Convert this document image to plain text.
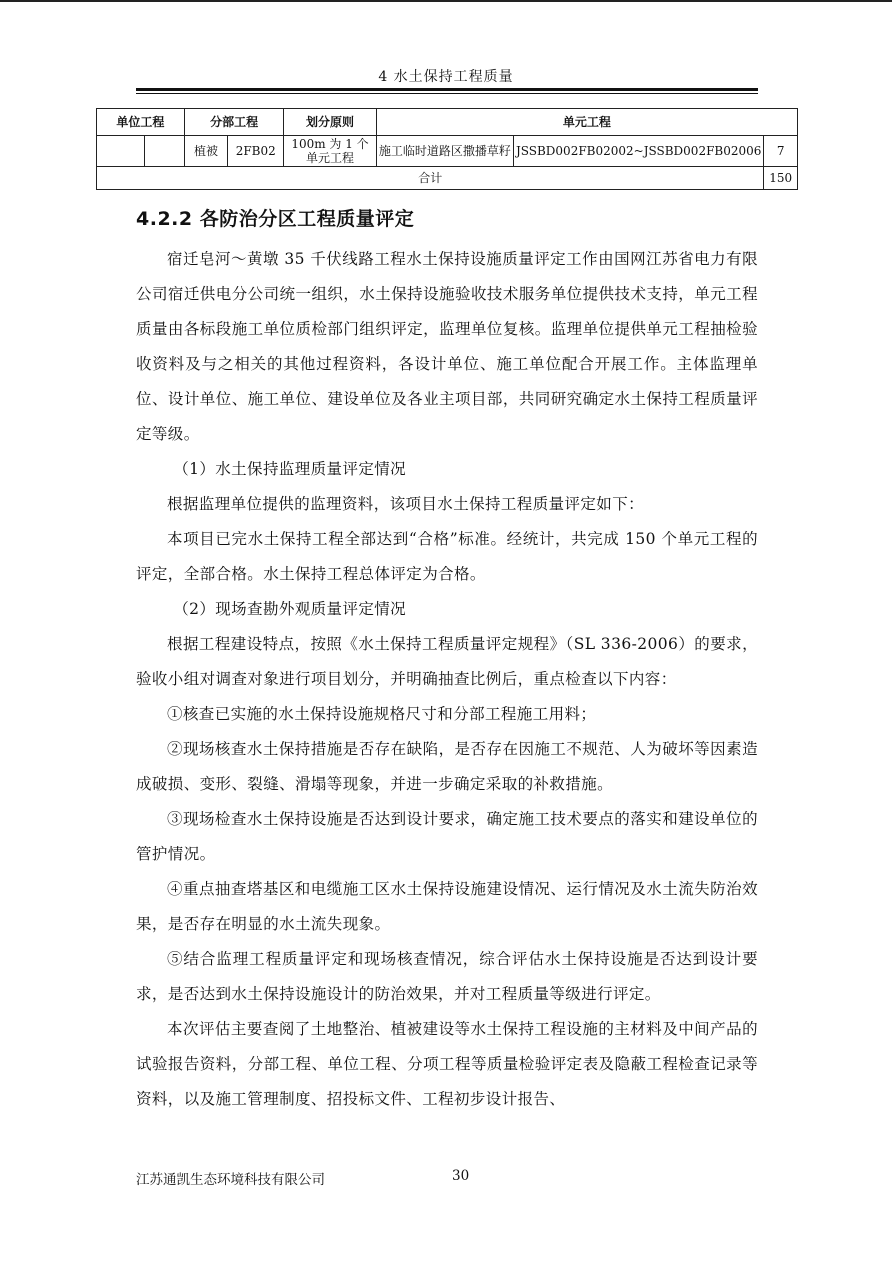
4 水土保持工程质量
单位工程		分部工程		划分原则	单元工程		
		植被	2FB02	100m 为 1 个单元工程	施工临时道路区撒播草籽	JSSBD002FB02002~JSSBD002FB02006	7
合计							150
4.2.2 各防治分区工程质量评定

宿迁皂河～黄墩 35 千伏线路工程水土保持设施质量评定工作由国网江苏省电力有限公司宿迁供电分公司统一组织，水土保持设施验收技术服务单位提供技术支持，单元工程质量由各标段施工单位质检部门组织评定，监理单位复核。监理单位提供单元工程抽检验收资料及与之相关的其他过程资料，各设计单位、施工单位配合开展工作。主体监理单位、设计单位、施工单位、建设单位及各业主项目部，共同研究确定水土保持工程质量评定等级。

（1）水土保持监理质量评定情况

根据监理单位提供的监理资料，该项目水土保持工程质量评定如下：

本项目已完水土保持工程全部达到“合格”标准。经统计，共完成 150 个单元工程的评定，全部合格。水土保持工程总体评定为合格。

（2）现场查勘外观质量评定情况

根据工程建设特点，按照《水土保持工程质量评定规程》（SL 336-2006）的要求，验收小组对调查对象进行项目划分，并明确抽查比例后，重点检查以下内容：

①核查已实施的水土保持设施规格尺寸和分部工程施工用料；

②现场核查水土保持措施是否存在缺陷，是否存在因施工不规范、人为破坏等因素造成破损、变形、裂缝、滑塌等现象，并进一步确定采取的补救措施。

③现场检查水土保持设施是否达到设计要求，确定施工技术要点的落实和建设单位的管护情况。

④重点抽查塔基区和电缆施工区水土保持设施建设情况、运行情况及水土流失防治效果，是否存在明显的水土流失现象。

⑤结合监理工程质量评定和现场核查情况，综合评估水土保持设施是否达到设计要求，是否达到水土保持设施设计的防治效果，并对工程质量等级进行评定。

本次评估主要查阅了土地整治、植被建设等水土保持工程设施的主材料及中间产品的试验报告资料，分部工程、单位工程、分项工程等质量检验评定表及隐蔽工程检查记录等资料，以及施工管理制度、招投标文件、工程初步设计报告、

江苏通凯生态环境科技有限公司	30
